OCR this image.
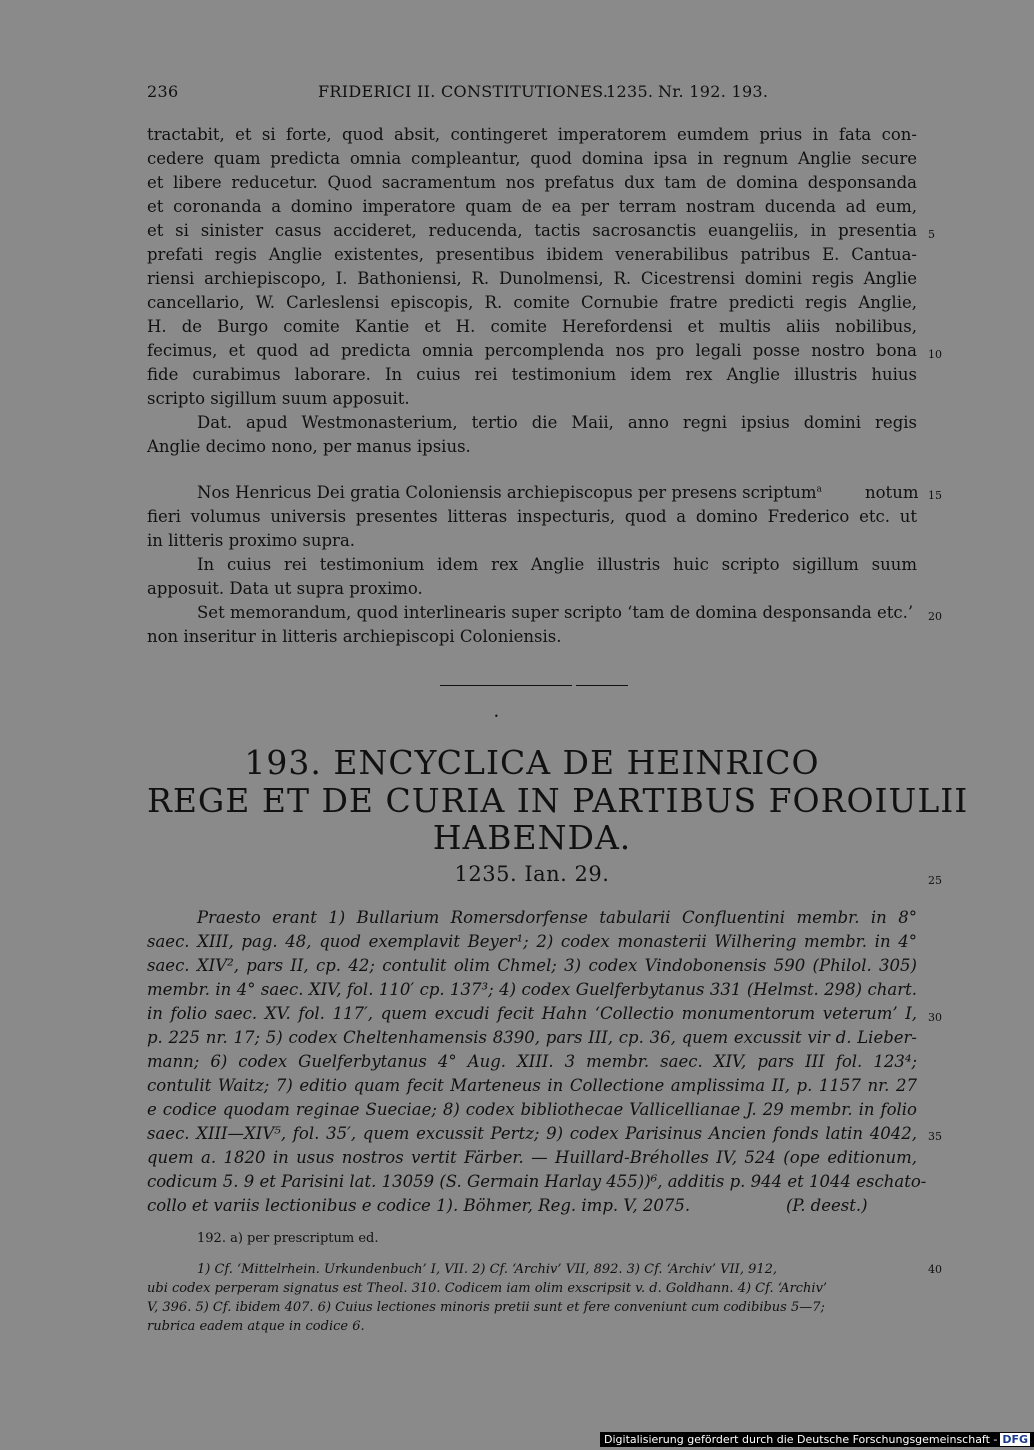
236	FRIDERICI II. CONSTITUTIONES.
1235. Nr. 192. 193.
tractabit, et si forte, quod absit, contingeret imperatorem eumdem prius in fata con-
cedere quam predicta omnia compleantur, quod domina ipsa in regnum Anglie secure
et libere reducetur. Quod sacramentum nos prefatus dux tam de domina desponsanda
et coronanda a domino imperatore quam de ea per terram nostram ducenda ad eum,
et si sinister casus accideret, reducenda, tactis sacrosanctis euangeliis, in presentia
prefati regis Anglie existentes, presentibus ibidem venerabilibus patribus E. Cantua-
riensi archiepiscopo, I. Bathoniensi, R. Dunolmensi, R. Cicestrensi domini regis Anglie
cancellario, W. Carleslensi episcopis, R. comite Cornubie fratre predicti regis Anglie,
H. de Burgo comite Kantie et H. comite Herefordensi et multis aliis nobilibus,
fecimus, et quod ad predicta omnia percomplenda nos pro legali posse nostro bona
fide curabimus laborare. In cuius rei testimonium idem rex Anglie illustris huius
scripto sigillum suum apposuit.
Dat. apud Westmonasterium, tertio die Maii, anno regni ipsius domini regis
Anglie decimo nono, per manus ipsius.
Nos Henricus Dei gratia Coloniensis archiepiscopus per presens scriptum$^a$	notum
fieri volumus universis presentes litteras inspecturis, quod a domino Frederico etc. ut
in litteris proximo supra.
In cuius rei testimonium idem rex Anglie illustris huic scripto sigillum suum
apposuit. Data ut supra proximo.
Set memorandum, quod interlinearis super scripto ‘tam de domina desponsanda etc.’
non inseritur in litteris archiepiscopi Coloniensis.
5
10
15
20
25
30
35
40
•
193. ENCYCLICA DE HEINRICO
REGE ET DE CURIA IN PARTIBUS FOROIULII
HABENDA.
1235. Ian. 29.
Praesto erant 1) Bullarium Romersdorfense tabularii Confluentini membr. in 8°
saec. XIII, pag. 48, quod exemplavit Beyer¹; 2) codex monasterii Wilhering membr. in 4°
saec. XIV², pars II, cp. 42; contulit olim Chmel; 3) codex Vindobonensis 590 (Philol. 305)
membr. in 4° saec. XIV, fol. 110′ cp. 137³; 4) codex Guelferbytanus 331 (Helmst. 298) chart.
in folio saec. XV. fol. 117′, quem excudi fecit Hahn ‘Collectio monumentorum veterum’ I,
p. 225 nr. 17; 5) codex Cheltenhamensis 8390, pars III, cp. 36, quem excussit vir d. Lieber-
mann; 6) codex Guelferbytanus 4° Aug. XIII. 3 membr. saec. XIV, pars III fol. 123⁴;
contulit Waitz; 7) editio quam fecit Marteneus in Collectione amplissima II, p. 1157 nr. 27
e codice quodam reginae Sueciae; 8) codex bibliothecae Vallicellianae J. 29 membr. in folio
saec. XIII—XIV⁵, fol. 35′, quem excussit Pertz; 9) codex Parisinus Ancien fonds latin 4042,
quem a. 1820 in usus nostros vertit Färber. — Huillard-Bréholles IV, 524 (ope editionum,
codicum 5. 9 et Parisini lat. 13059 (S. Germain Harlay 455))⁶, additis p. 944 et 1044 eschato-
collo et variis lectionibus e codice 1). Böhmer, Reg. imp. V, 2075.	(P. deest.)
192. a) per prescriptum ed.
1) Cf. ‘Mittelrhein. Urkundenbuch’ I, VII. 2) Cf. ‘Archiv’ VII, 892. 3) Cf. ‘Archiv’ VII, 912,
ubi codex perperam signatus est Theol. 310. Codicem iam olim exscripsit v. d. Goldhann. 4) Cf. ‘Archiv’
V, 396. 5) Cf. ibidem 407. 6) Cuius lectiones minoris pretii sunt et fere conveniunt cum codibibus 5—7;
rubrica eadem atque in codice 6.
Digitalisierung gefördert durch die Deutsche Forschungsgemeinschaft - DFG
